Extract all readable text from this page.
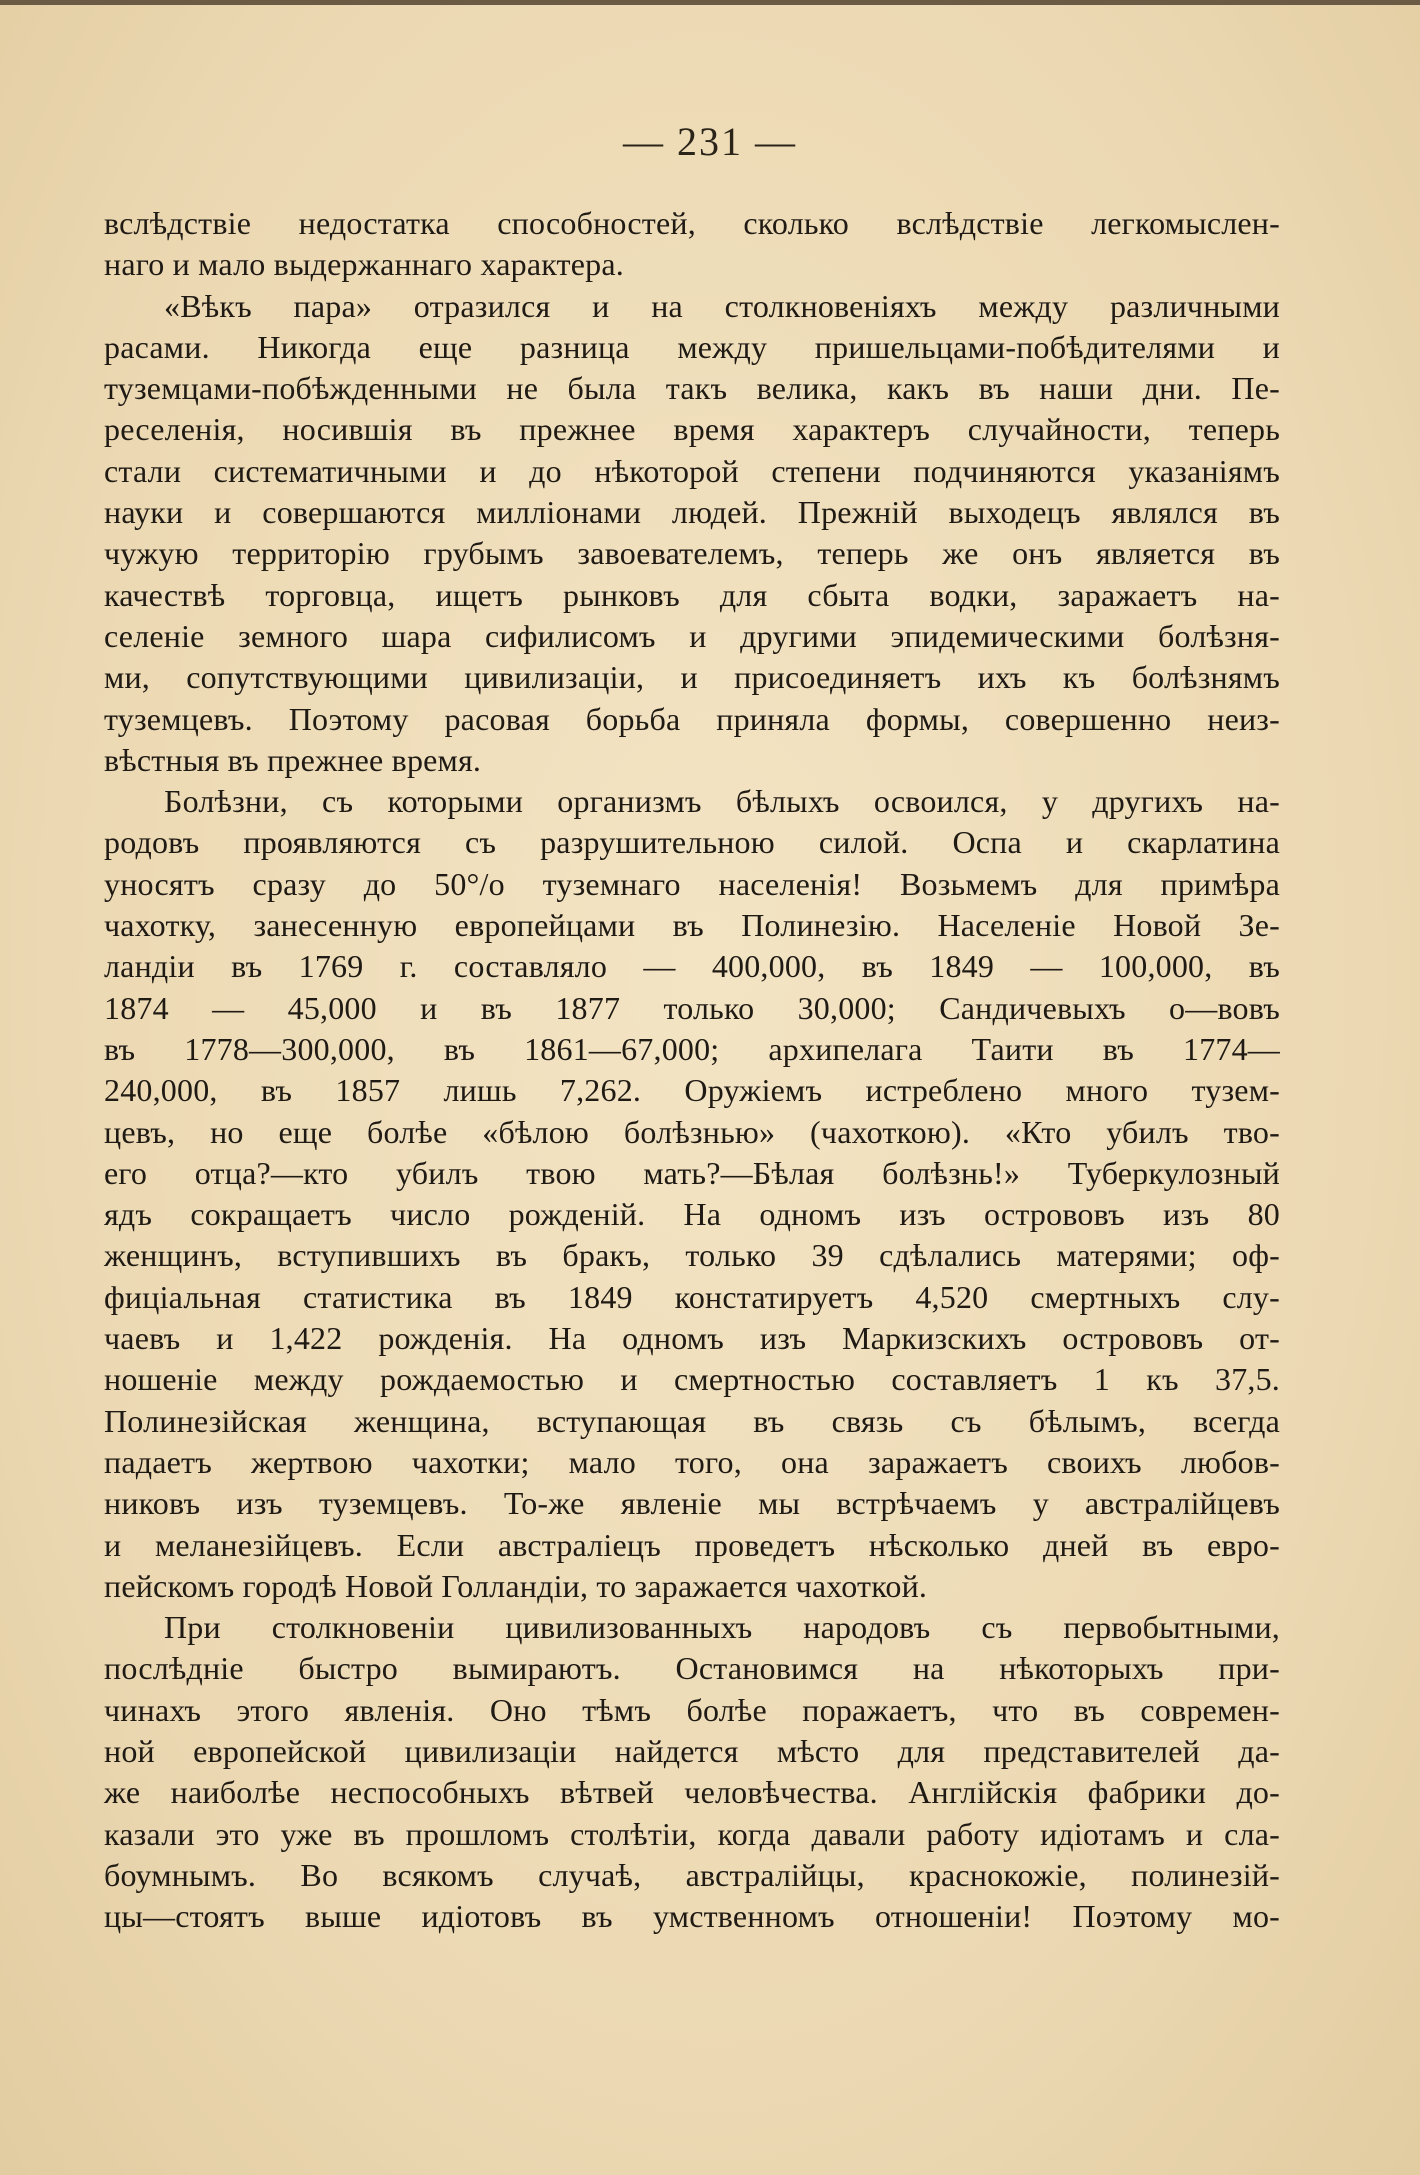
— 231 —
вслѣдствіе недостатка способностей, сколько вслѣдствіе легкомыслен-
наго и мало выдержаннаго характера.
«Вѣкъ пара» отразился и на столкновеніяхъ между различными
расами. Никогда еще разница между пришельцами-побѣдителями и
туземцами-побѣжденными не была такъ велика, какъ въ наши дни. Пе-
реселенія, носившія въ прежнее время характеръ случайности, теперь
стали систематичными и до нѣкоторой степени подчиняются указаніямъ
науки и совершаются милліонами людей. Прежній выходецъ являлся въ
чужую территорію грубымъ завоевателемъ, теперь же онъ является въ
качествѣ торговца, ищетъ рынковъ для сбыта водки, заражаетъ на-
селеніе земного шара сифилисомъ и другими эпидемическими болѣзня-
ми, сопутствующими цивилизаціи, и присоединяетъ ихъ къ болѣзнямъ
туземцевъ. Поэтому расовая борьба приняла формы, совершенно неиз-
вѣстныя въ прежнее время.
Болѣзни, съ которыми организмъ бѣлыхъ освоился, у другихъ на-
родовъ проявляются съ разрушительною силой. Оспа и скарлатина
уносятъ сразу до 50°/о туземнаго населенія! Возьмемъ для примѣра
чахотку, занесенную европейцами въ Полинезію. Населеніе Новой Зе-
ландіи въ 1769 г. составляло — 400,000, въ 1849 — 100,000, въ
1874 — 45,000 и въ 1877 только 30,000; Сандичевыхъ о—вовъ
въ 1778—300,000, въ 1861—67,000; архипелага Таити въ 1774—
240,000, въ 1857 лишь 7,262. Оружіемъ истреблено много тузем-
цевъ, но еще болѣе «бѣлою болѣзнью» (чахоткою). «Кто убилъ тво-
его отца?—кто убилъ твою мать?—Бѣлая болѣзнь!» Туберкулозный
ядъ сокращаетъ число рожденій. На одномъ изъ острововъ изъ 80
женщинъ, вступившихъ въ бракъ, только 39 сдѣлались матерями; оф-
фиціальная статистика въ 1849 констатируетъ 4,520 смертныхъ слу-
чаевъ и 1,422 рожденія. На одномъ изъ Маркизскихъ острововъ от-
ношеніе между рождаемостью и смертностью составляетъ 1 къ 37,5.
Полинезійская женщина, вступающая въ связь съ бѣлымъ, всегда
падаетъ жертвою чахотки; мало того, она заражаетъ своихъ любов-
никовъ изъ туземцевъ. То-же явленіе мы встрѣчаемъ у австралійцевъ
и меланезійцевъ. Если австраліецъ проведетъ нѣсколько дней въ евро-
пейскомъ городѣ Новой Голландіи, то заражается чахоткой.
При столкновеніи цивилизованныхъ народовъ съ первобытными,
послѣдніе быстро вымираютъ. Остановимся на нѣкоторыхъ при-
чинахъ этого явленія. Оно тѣмъ болѣе поражаетъ, что въ современ-
ной европейской цивилизаціи найдется мѣсто для представителей да-
же наиболѣе неспособныхъ вѣтвей человѣчества. Англійскія фабрики до-
казали это уже въ прошломъ столѣтіи, когда давали работу идіотамъ и сла-
боумнымъ. Во всякомъ случаѣ, австралійцы, краснокожіе, полинезій-
цы—стоятъ выше идіотовъ въ умственномъ отношеніи! Поэтому мо-
